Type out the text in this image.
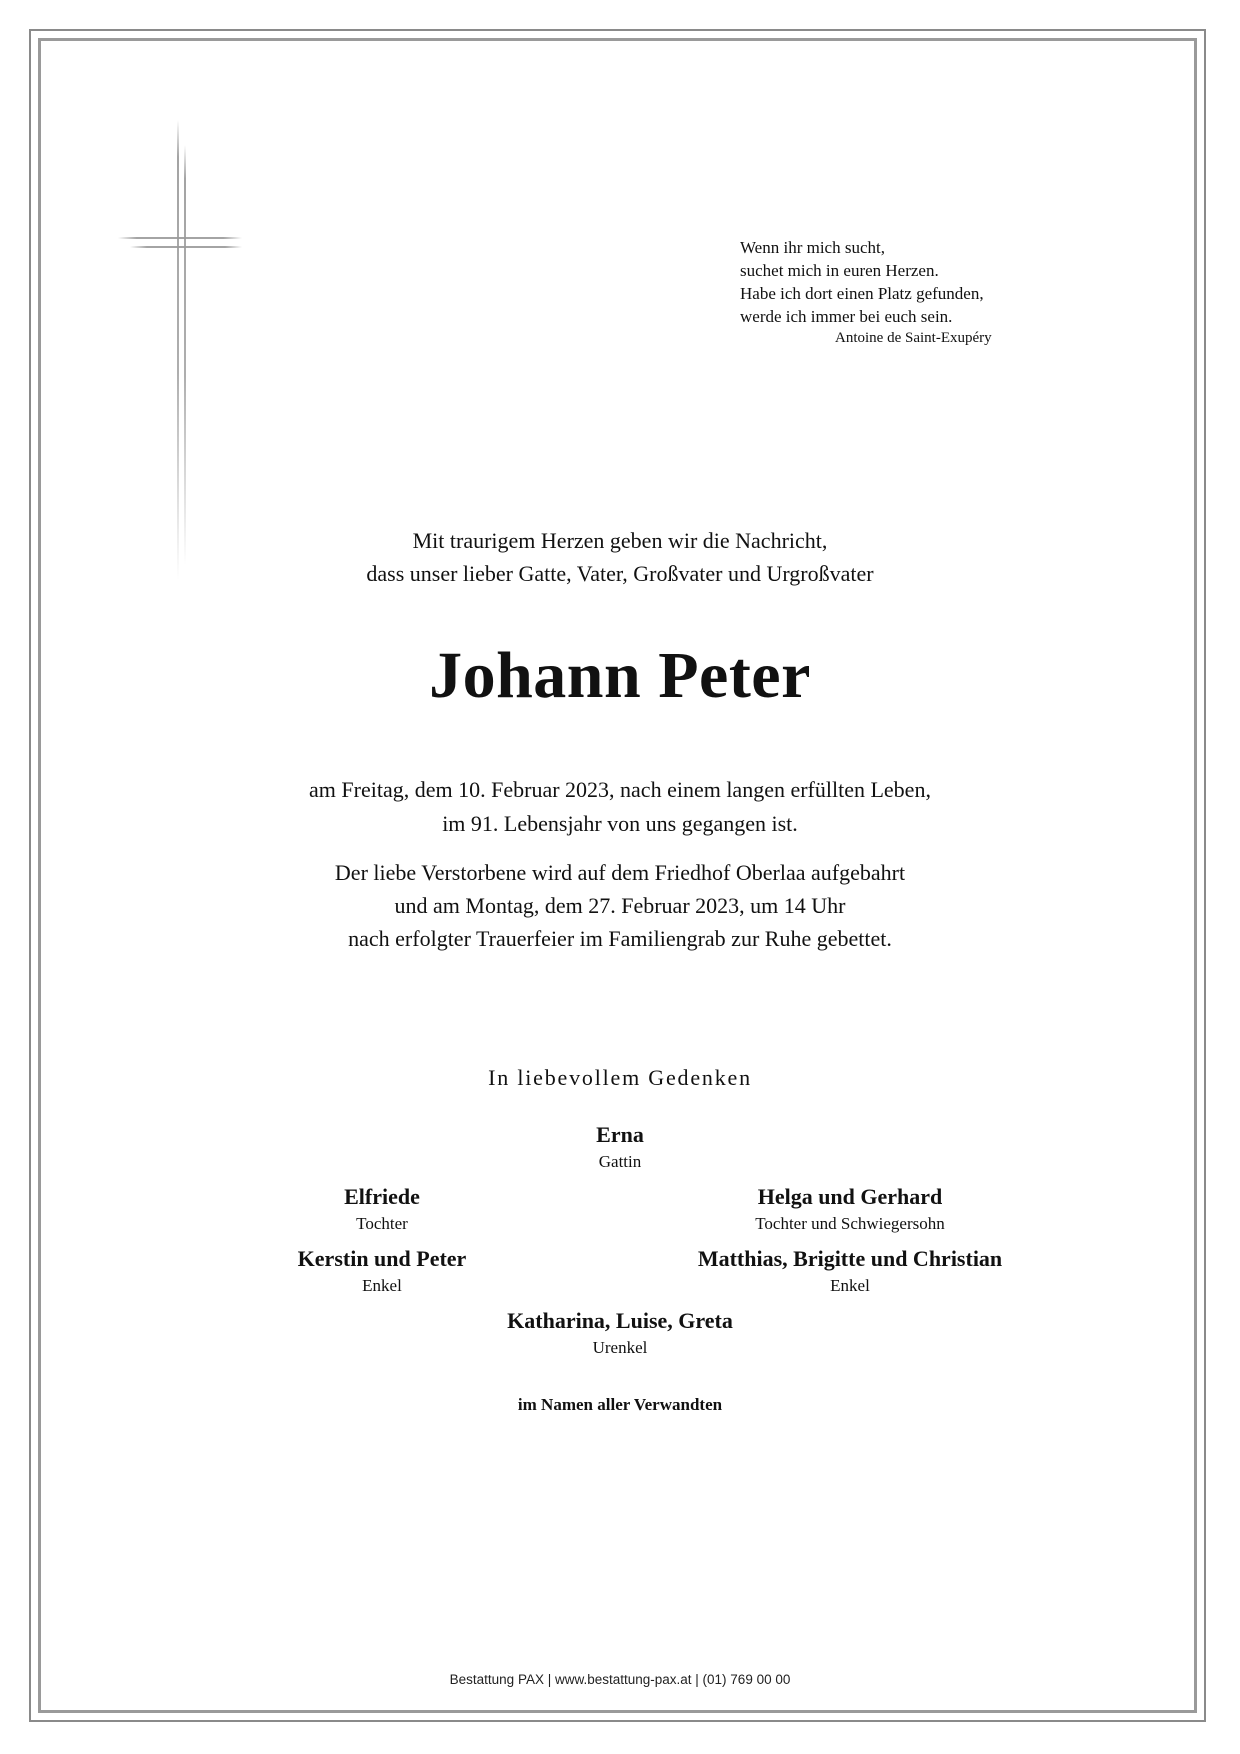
Wenn ihr mich sucht,
suchet mich in euren Herzen.
Habe ich dort einen Platz gefunden,
werde ich immer bei euch sein.
Antoine de Saint-Exupéry
Mit traurigem Herzen geben wir die Nachricht,
dass unser lieber Gatte, Vater, Großvater und Urgroßvater
Johann Peter
am Freitag, dem 10. Februar 2023, nach einem langen erfüllten Leben,
im 91. Lebensjahr von uns gegangen ist.
Der liebe Verstorbene wird auf dem Friedhof Oberlaa aufgebahrt
und am Montag, dem 27. Februar 2023, um 14 Uhr
nach erfolgter Trauerfeier im Familiengrab zur Ruhe gebettet.
In liebevollem Gedenken
Erna
Gattin
Elfriede
Tochter
Helga und Gerhard
Tochter und Schwiegersohn
Kerstin und Peter
Enkel
Matthias, Brigitte und Christian
Enkel
Katharina, Luise, Greta
Urenkel
im Namen aller Verwandten
Bestattung PAX | www.bestattung-pax.at | (01) 769 00 00
